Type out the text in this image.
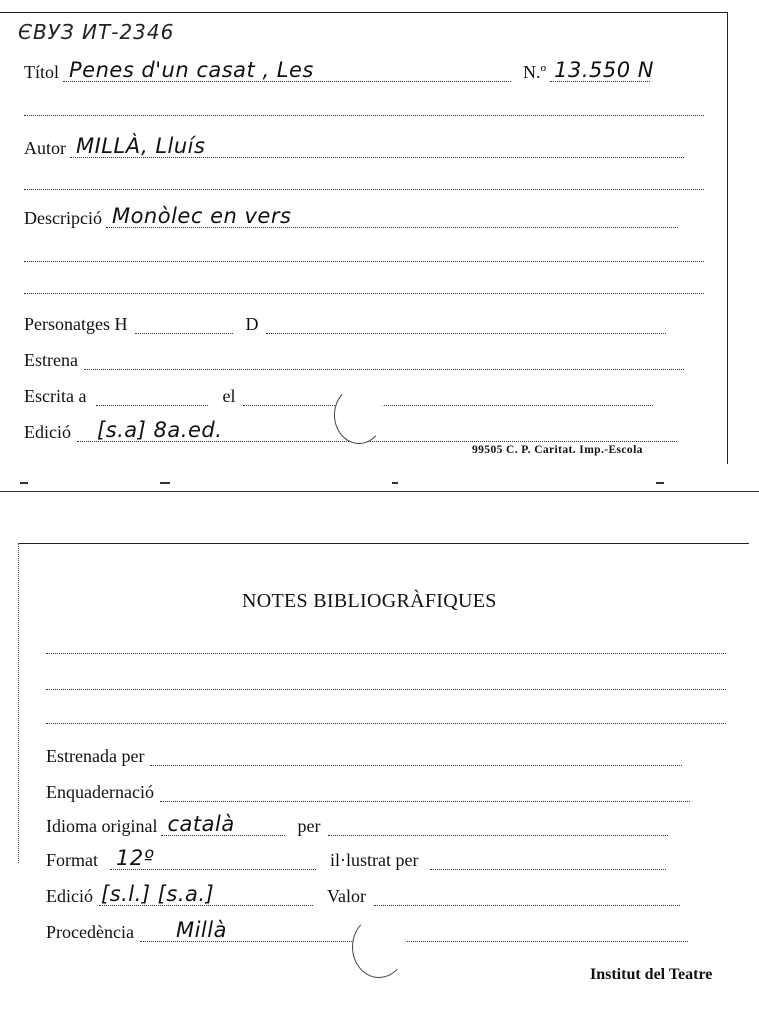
ЄВУЗ ИТ-2346
Títol Penes d'un casat , Les	N.º 13.550 N
Autor MILLÀ, Lluís
Descripció Monòlec en vers
Personatges H	D
Estrena
Escrita a	el
Edició [s.a] 8a.ed.
99505 C. P. Caritat. Imp.-Escola
NOTES BIBLIOGRÀFIQUES
Estrenada per
Enquadernació
Idioma original català	per
Format 12º	il·lustrat per
Edició [s.l.] [s.a.]	Valor
Procedència Millà
Institut del Teatre
